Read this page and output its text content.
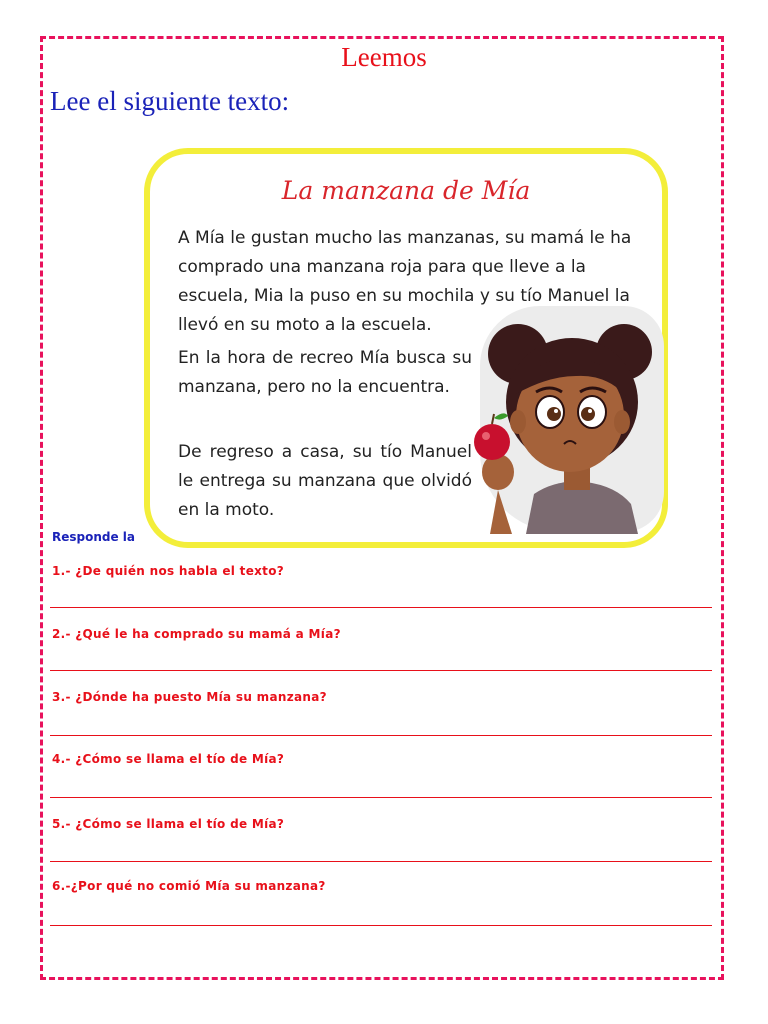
Leemos
Lee el siguiente texto:
La manzana de Mía

A Mía le gustan mucho las manzanas, su mamá le ha comprado una manzana roja para que lleve a la escuela, Mia la puso en su mochila y su tío Manuel la llevó en su moto a la escuela.

En la hora de recreo Mía busca su manzana, pero no la encuentra.

De regreso a casa, su tío Manuel le entrega su manzana que olvidó en la moto.

Responde la
1.- ¿De quién nos habla el texto?
2.- ¿Qué le ha comprado su mamá a Mía?
3.- ¿Dónde ha puesto Mía su manzana?
4.- ¿Cómo se llama el tío de Mía?
5.- ¿Cómo se llama el tío de Mía?
6.-¿Por qué no comió Mía su manzana?
